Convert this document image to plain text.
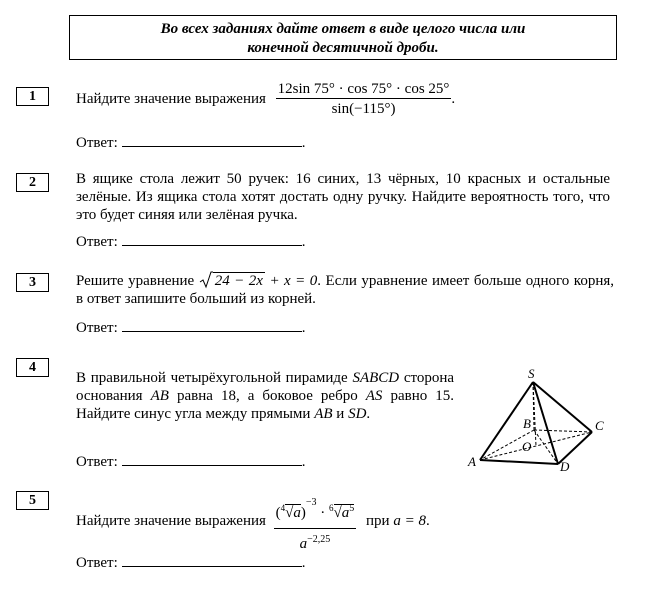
Во всех заданиях дайте ответ в виде целого числа или
конечной десятичной дроби.
1	Найдите значение выражения $\frac{12\sin 75^\circ \cdot \cos 75^\circ \cdot \cos 25^\circ}{\sin(-115^\circ)}$ .
Ответ:	.
2	В ящике стола лежит 50 ручек: 16 синих, 13 чёрных, 10 красных и остальные зелёные. Из ящика стола хотят достать одну ручку. Найдите вероятность того, что это будет синяя или зелёная ручка.
Ответ:	.
3	Решите уравнение 24 − 2x + x = 0. Если уравнение имеет больше одного корня, в ответ запишите больший из корней.
Ответ:	.
4
В правильной четырёхугольной пирамиде SABCD сторона основания AB равна 18, а боковое ребро AS равно 15. Найдите синус угла между прямыми AB и SD.
S
A	D
C
B
O
Ответ:	.
5
Найдите значение выражения $\frac{(^4√a)^{-3} \cdot ^6√a^5}{a^{-2,25}}$ при a = 8.
Ответ:	.
